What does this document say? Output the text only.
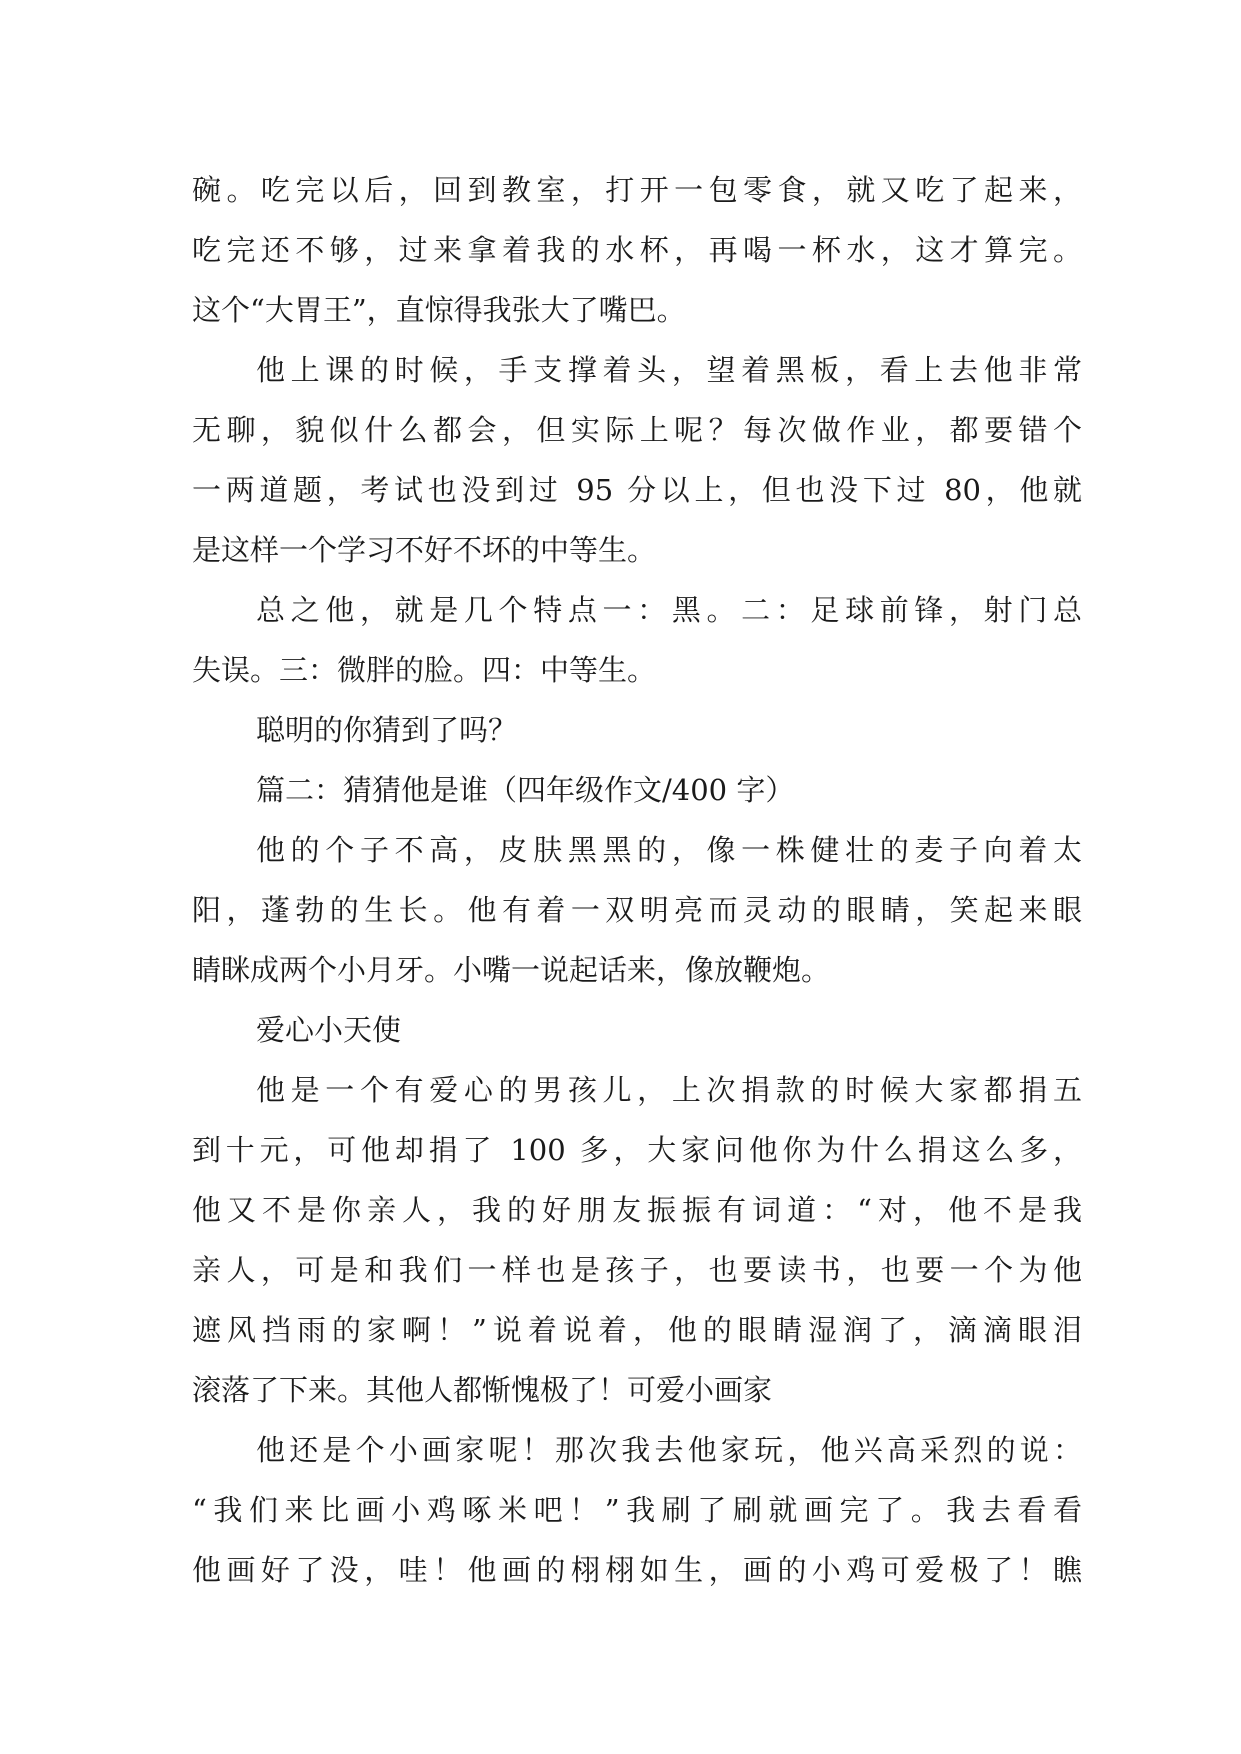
碗。吃完以后，回到教室，打开一包零食，就又吃了起来，
吃完还不够，过来拿着我的水杯，再喝一杯水，这才算完。
这个“大胃王”，直惊得我张大了嘴巴。
他上课的时候，手支撑着头，望着黑板，看上去他非常
无聊，貌似什么都会，但实际上呢？每次做作业，都要错个
一两道题，考试也没到过 95 分以上，但也没下过 80，他就
是这样一个学习不好不坏的中等生。
总之他，就是几个特点一：黑。二：足球前锋，射门总
失误。三：微胖的脸。四：中等生。
聪明的你猜到了吗？
篇二：猜猜他是谁（四年级作文/400 字）
他的个子不高，皮肤黑黑的，像一株健壮的麦子向着太
阳，蓬勃的生长。他有着一双明亮而灵动的眼睛，笑起来眼
睛眯成两个小月牙。小嘴一说起话来，像放鞭炮。
爱心小天使
他是一个有爱心的男孩儿，上次捐款的时候大家都捐五
到十元，可他却捐了 100 多，大家问他你为什么捐这么多，
他又不是你亲人，我的好朋友振振有词道：“对，他不是我
亲人，可是和我们一样也是孩子，也要读书，也要一个为他
遮风挡雨的家啊！”说着说着，他的眼睛湿润了，滴滴眼泪
滚落了下来。其他人都惭愧极了！可爱小画家
他还是个小画家呢！那次我去他家玩，他兴高采烈的说：
“我们来比画小鸡啄米吧！”我刷了刷就画完了。我去看看
他画好了没，哇！他画的栩栩如生，画的小鸡可爱极了！瞧
